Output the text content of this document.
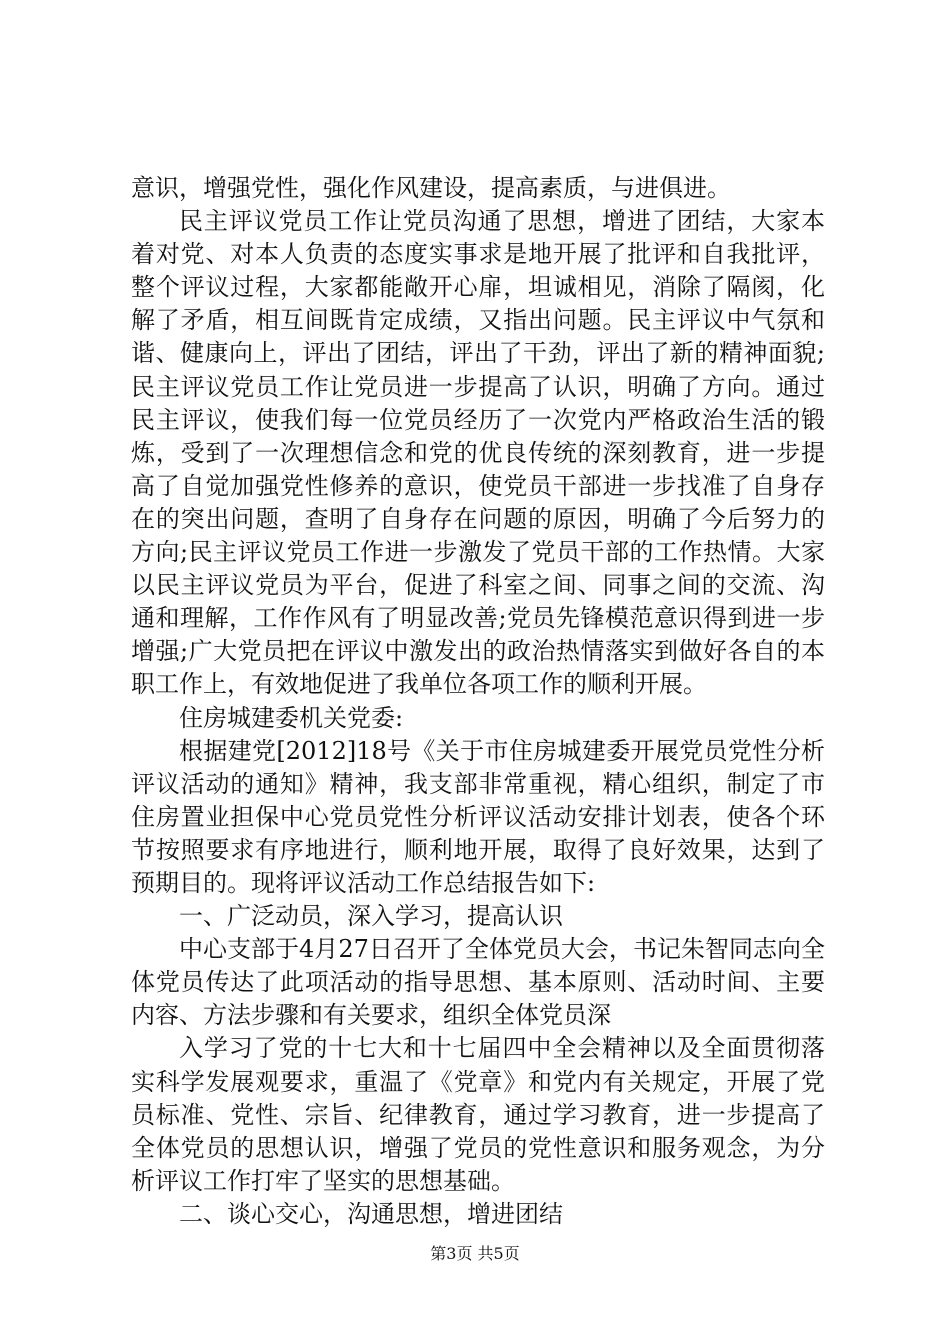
意识，增强党性，强化作风建设，提高素质，与进俱进。

民主评议党员工作让党员沟通了思想，增进了团结，大家本着对党、对本人负责的态度实事求是地开展了批评和自我批评，整个评议过程，大家都能敞开心扉，坦诚相见，消除了隔阂，化解了矛盾，相互间既肯定成绩，又指出问题。民主评议中气氛和谐、健康向上，评出了团结，评出了干劲，评出了新的精神面貌;民主评议党员工作让党员进一步提高了认识，明确了方向。通过民主评议，使我们每一位党员经历了一次党内严格政治生活的锻炼，受到了一次理想信念和党的优良传统的深刻教育，进一步提高了自觉加强党性修养的意识，使党员干部进一步找准了自身存在的突出问题，查明了自身存在问题的原因，明确了今后努力的方向;民主评议党员工作进一步激发了党员干部的工作热情。大家以民主评议党员为平台，促进了科室之间、同事之间的交流、沟通和理解，工作作风有了明显改善;党员先锋模范意识得到进一步增强;广大党员把在评议中激发出的政治热情落实到做好各自的本职工作上，有效地促进了我单位各项工作的顺利开展。

住房城建委机关党委:

根据建党[2012]18号《关于市住房城建委开展党员党性分析评议活动的通知》精神，我支部非常重视，精心组织，制定了市住房置业担保中心党员党性分析评议活动安排计划表，使各个环节按照要求有序地进行，顺利地开展，取得了良好效果，达到了预期目的。现将评议活动工作总结报告如下:

一、广泛动员，深入学习，提高认识

中心支部于4月27日召开了全体党员大会，书记朱智同志向全体党员传达了此项活动的指导思想、基本原则、活动时间、主要内容、方法步骤和有关要求，组织全体党员深

入学习了党的十七大和十七届四中全会精神以及全面贯彻落实科学发展观要求，重温了《党章》和党内有关规定，开展了党员标准、党性、宗旨、纪律教育，通过学习教育，进一步提高了全体党员的思想认识，增强了党员的党性意识和服务观念，为分析评议工作打牢了坚实的思想基础。

二、谈心交心，沟通思想，增进团结

第3页 共5页
